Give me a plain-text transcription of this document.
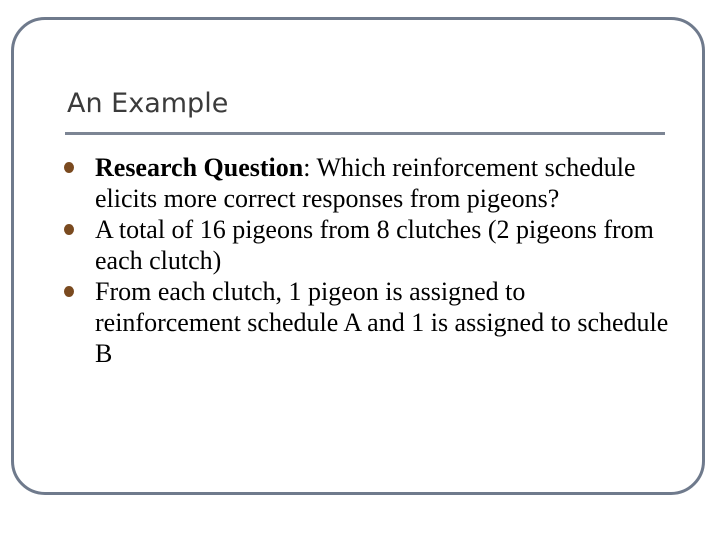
An Example
Research Question: Which reinforcement schedule elicits more correct responses from pigeons?
A total of 16 pigeons from 8 clutches (2 pigeons from each clutch)
From each clutch, 1 pigeon is assigned to reinforcement schedule A and 1 is assigned to schedule B
